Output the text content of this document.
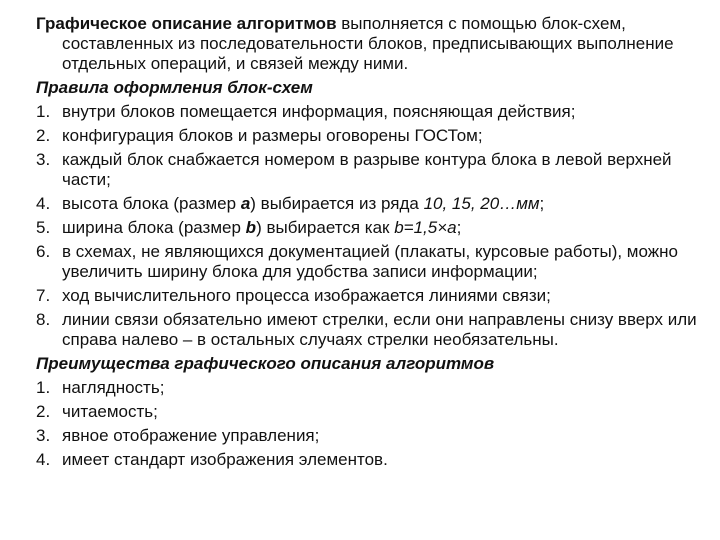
Графическое описание алгоритмов выполняется с помощью блок-схем, составленных из последовательности блоков, предписывающих выполнение отдельных операций, и связей между ними.

Правила оформления блок-схем

1. внутри блоков помещается информация, поясняющая действия;
2. конфигурация блоков и размеры оговорены ГОСТом;
3. каждый блок снабжается номером в разрыве контура блока в левой верхней части;
4. высота блока (размер a) выбирается из ряда 10, 15, 20…мм;
5. ширина блока (размер b) выбирается как b=1,5×a;
6. в схемах, не являющихся документацией (плакаты, курсовые работы), можно увеличить ширину блока для удобства записи информации;
7. ход вычислительного процесса изображается линиями связи;
8. линии связи обязательно имеют стрелки, если они направлены снизу вверх или справа налево – в остальных случаях стрелки необязательны.

Преимущества графического описания алгоритмов

1. наглядность;
2. читаемость;
3. явное отображение управления;
4. имеет стандарт изображения элементов.
